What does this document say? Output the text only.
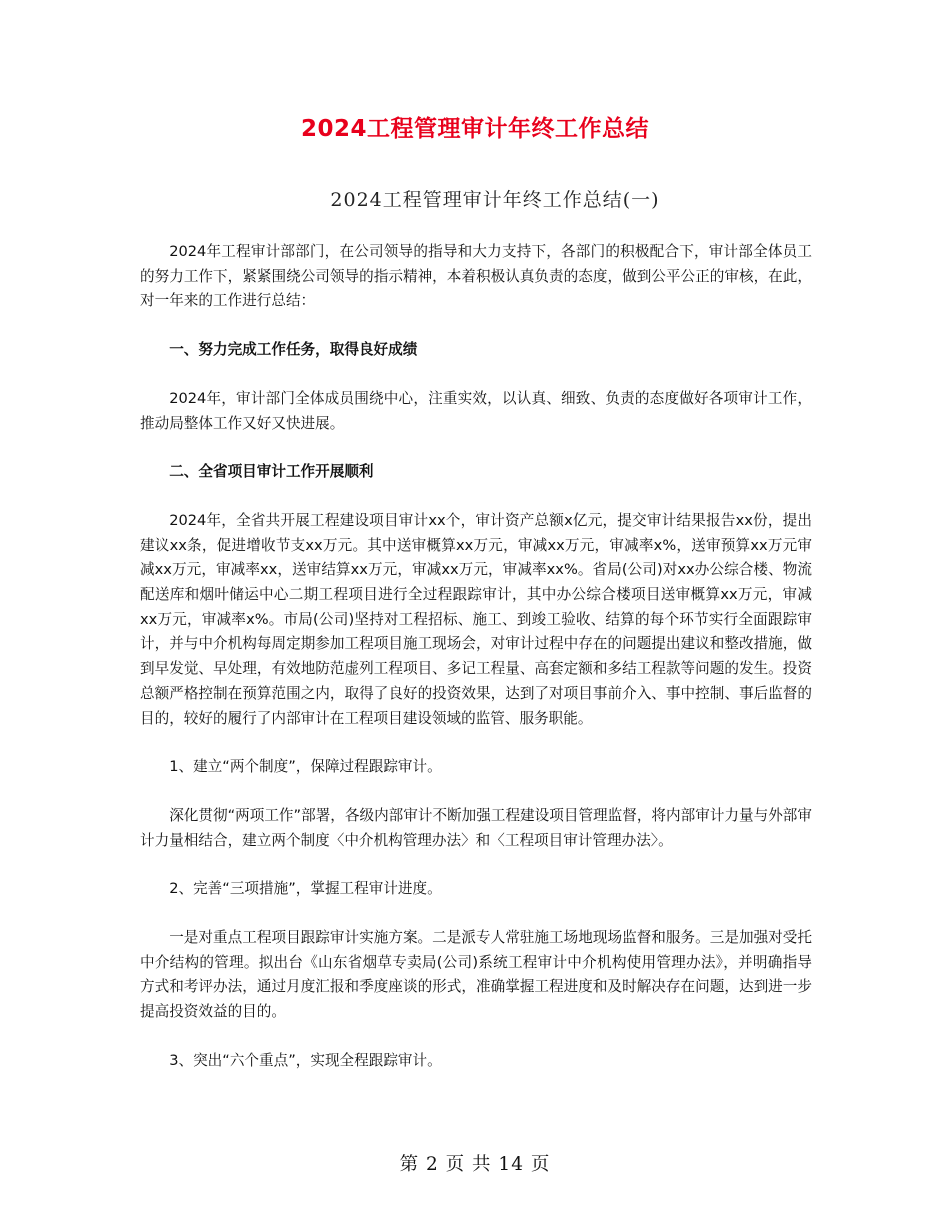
2024工程管理审计年终工作总结
2024工程管理审计年终工作总结(一)

2024年工程审计部部门，在公司领导的指导和大力支持下，各部门的积极配合下，审计部全体员工的努力工作下，紧紧围绕公司领导的指示精神，本着积极认真负责的态度，做到公平公正的审核，在此，对一年来的工作进行总结：

一、努力完成工作任务，取得良好成绩

2024年，审计部门全体成员围绕中心，注重实效，以认真、细致、负责的态度做好各项审计工作，推动局整体工作又好又快进展。

二、全省项目审计工作开展顺利

2024年，全省共开展工程建设项目审计xx个，审计资产总额x亿元，提交审计结果报告xx份，提出建议xx条，促进增收节支xx万元。其中送审概算xx万元，审减xx万元，审减率x%，送审预算xx万元审减xx万元，审减率xx，送审结算xx万元，审减xx万元，审减率xx%。省局(公司)对xx办公综合楼、物流配送库和烟叶储运中心二期工程项目进行全过程跟踪审计，其中办公综合楼项目送审概算xx万元，审减xx万元，审减率x%。市局(公司)坚持对工程招标、施工、到竣工验收、结算的每个环节实行全面跟踪审计，并与中介机构每周定期参加工程项目施工现场会，对审计过程中存在的问题提出建议和整改措施，做到早发觉、早处理，有效地防范虚列工程项目、多记工程量、高套定额和多结工程款等问题的发生。投资总额严格控制在预算范围之内，取得了良好的投资效果，达到了对项目事前介入、事中控制、事后监督的目的，较好的履行了内部审计在工程项目建设领域的监管、服务职能。

1、建立“两个制度”，保障过程跟踪审计。

深化贯彻“两项工作”部署，各级内部审计不断加强工程建设项目管理监督，将内部审计力量与外部审计力量相结合，建立两个制度〈中介机构管理办法〉和〈工程项目审计管理办法〉。

2、完善“三项措施”，掌握工程审计进度。

一是对重点工程项目跟踪审计实施方案。二是派专人常驻施工场地现场监督和服务。三是加强对受托中介结构的管理。拟出台《山东省烟草专卖局(公司)系统工程审计中介机构使用管理办法》，并明确指导方式和考评办法，通过月度汇报和季度座谈的形式，准确掌握工程进度和及时解决存在问题，达到进一步提高投资效益的目的。

3、突出“六个重点”，实现全程跟踪审计。

第 2 页 共 14 页
